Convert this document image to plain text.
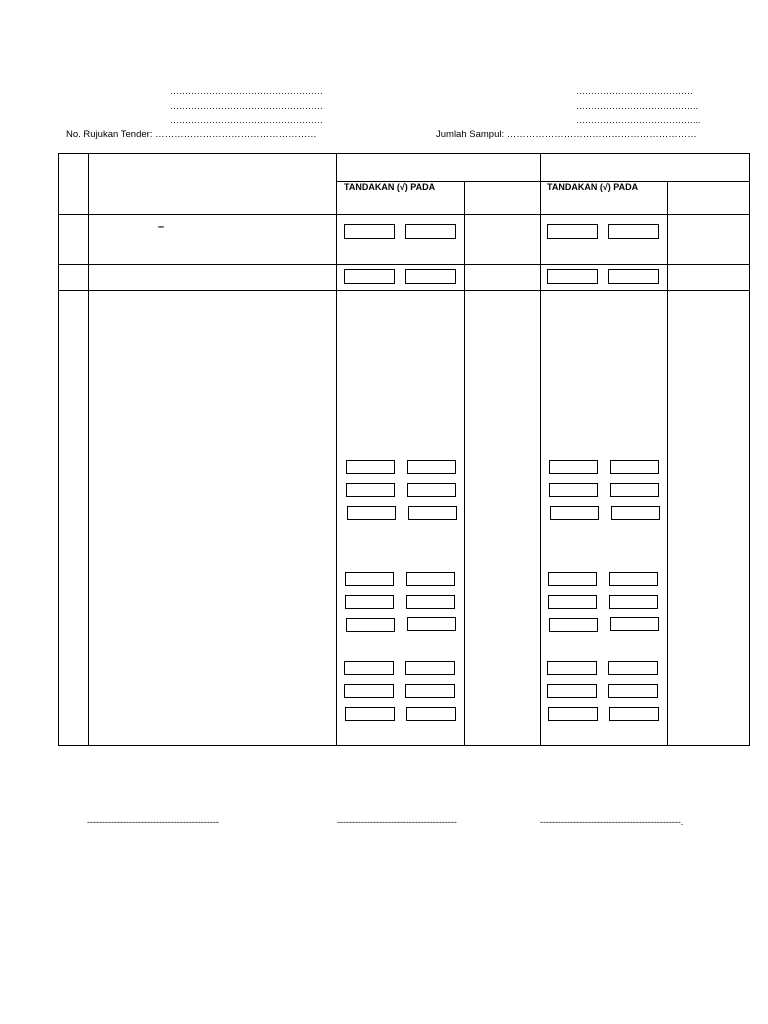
……………………………………………
……………………………………………
……………………………………………
…………………………………
…………………………………..
…………………………………...
No. Rujukan Tender: ……………………………………………	Jumlah Sampul: ……………………………………………………
TANDAKAN (√) PADA	TANDAKAN (√) PADA
–
--------------------------------------------	----------------------------------------	-----------------------------------------------.
